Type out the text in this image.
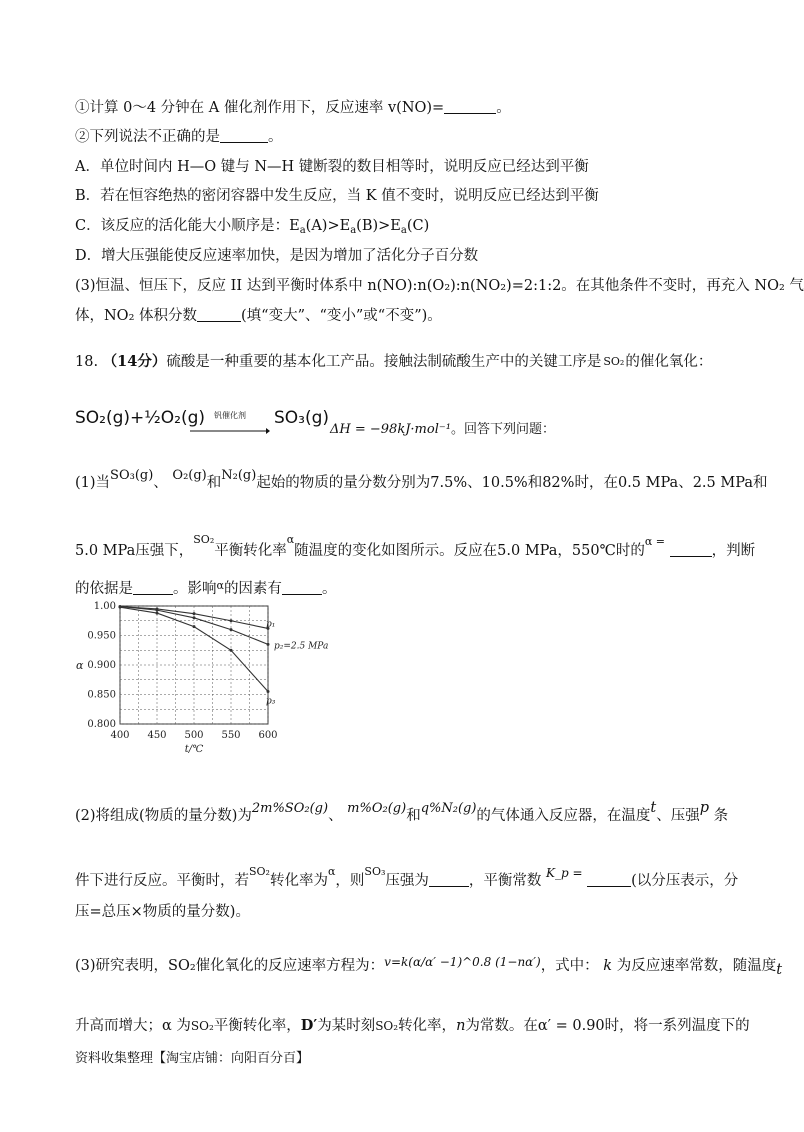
①计算 0～4 分钟在 A 催化剂作用下，反应速率 v(NO)=	。
②下列说法不正确的是	。
A．单位时间内 H—O 键与 N—H 键断裂的数目相等时，说明反应已经达到平衡
B．若在恒容绝热的密闭容器中发生反应，当 K 值不变时，说明反应已经达到平衡
C．该反应的活化能大小顺序是：$E_a(A)>E_a(B)>E_a(C)$
D．增大压强能使反应速率加快，是因为增加了活化分子百分数
(3)恒温、恒压下，反应 II 达到平衡时体系中 n(NO):n(O₂):n(NO₂)=2:1:2。在其他条件不变时，再充入 NO₂ 气
体，NO₂ 体积分数	(填“变大”、“变小”或“不变”)。
18. （14分）硫酸是一种重要的基本化工产品。接触法制硫酸生产中的关键工序是 SO₂ 的催化氧化：
SO₂(g)+½O₂(g)	钒催化剂	SO₃(g)
ΔH = −98kJ·mol⁻¹。回答下列问题：
(1)当SO₃(g)、 O₂(g)和N₂(g)起始的物质的量分数分别为7.5%、10.5%和82%时，在0.5 MPa、2.5 MPa和
5.0 MPa压强下，$^{SO_2}$平衡转化率$^\alpha$随温度的变化如图所示。反应在5.0 MPa，550℃时的$^{\alpha =}$ ，判断
的依据是	。影响$^\alpha$的因素有	。
400 450 500 550 600
1.00
0.950
0.900
0.850
0.800
α
t/℃
p₁
p₂=2.5 MPa
p₃
(2)将组成(物质的量分数)为2m%SO₂(g)、 m%O₂(g)和q%N₂(g)的气体通入反应器，在温度t、压强p 条
件下进行反应。平衡时，若$^{SO_2}$转化率为$^\alpha$，则$^{SO_3}$压强为	，平衡常数 $^{K\_p =}$	(以分压表示，分
压=总压×物质的量分数)。
(3)研究表明，SO₂催化氧化的反应速率方程为：$^{v=k(\alpha/\alpha' -1)\^{}0.8 (1-n\alpha')}$，式中： k 为反应速率常数，随温度t
升高而增大；α 为SO₂平衡转化率，D′为某时刻SO₂转化率，n为常数。在α′ = 0.90时，将一系列温度下的
资料收集整理【淘宝店铺：向阳百分百】
